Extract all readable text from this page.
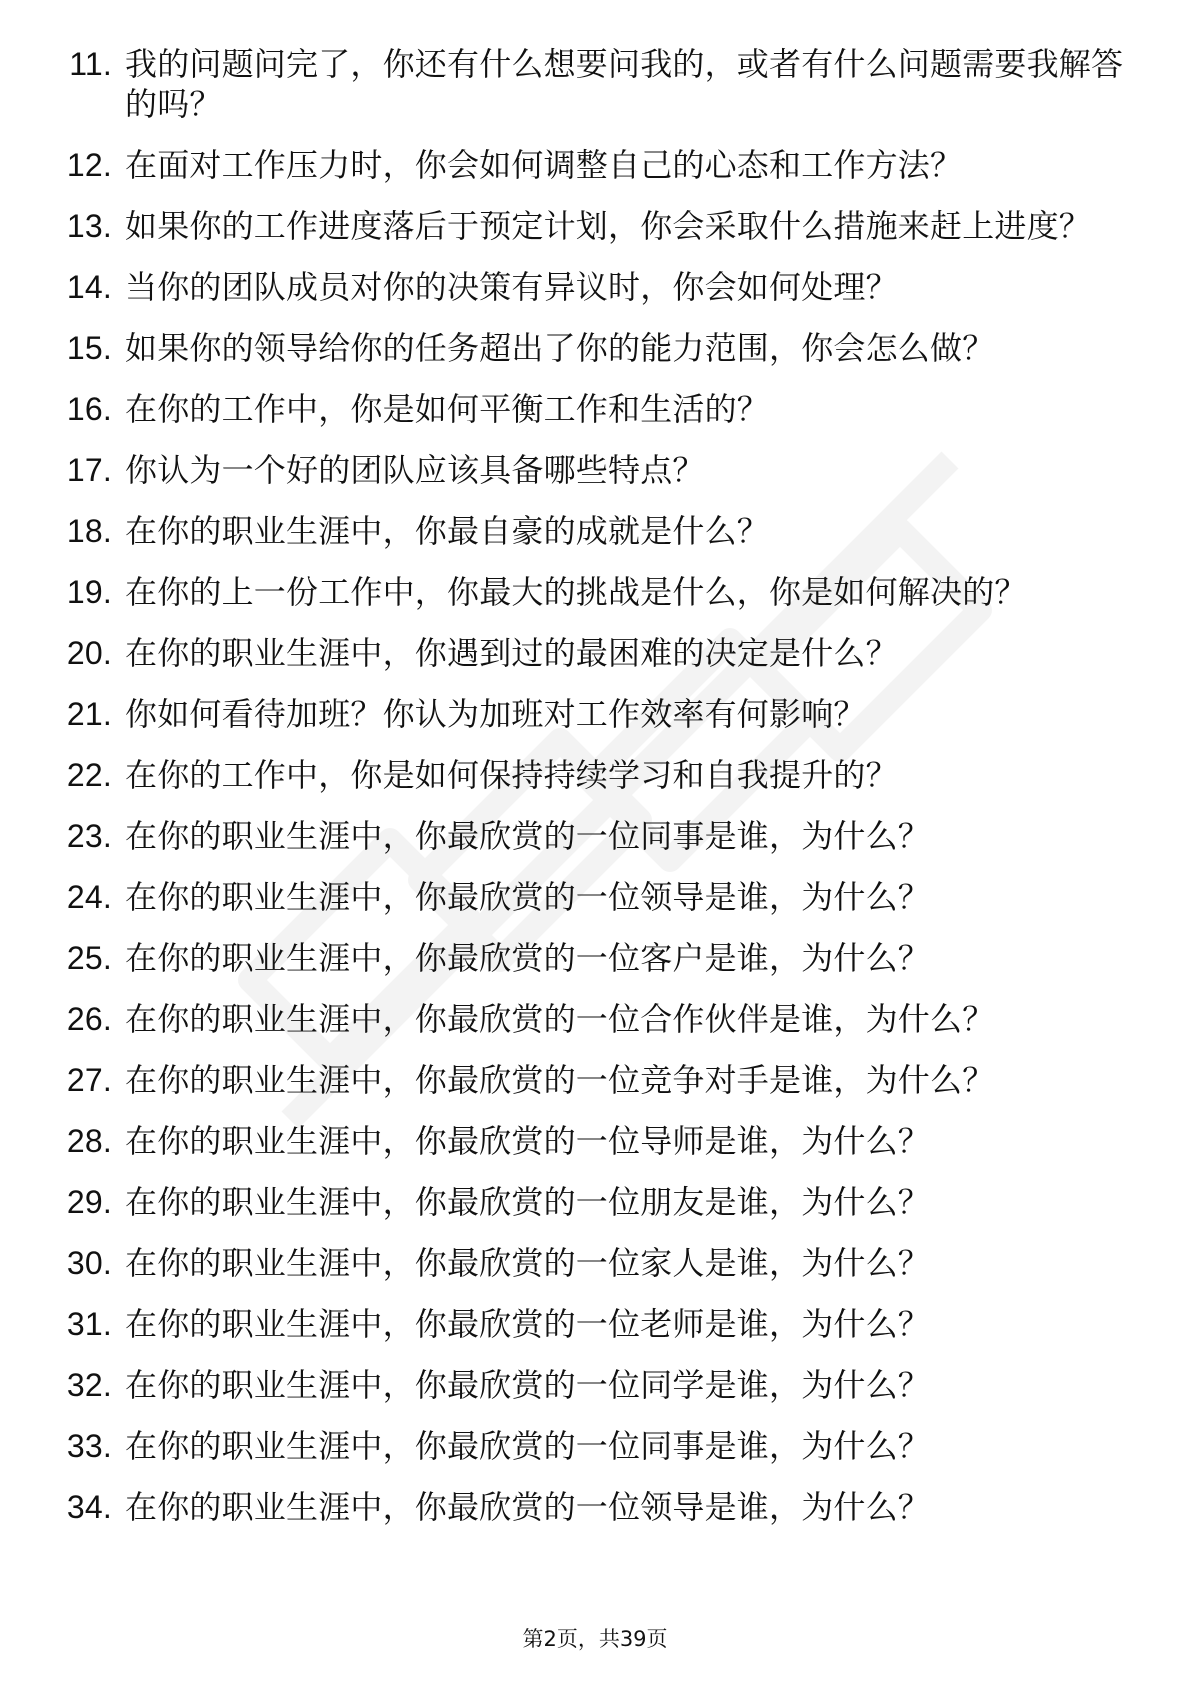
11. 我的问题问完了，你还有什么想要问我的，或者有什么问题需要我解答的吗？
12. 在面对工作压力时，你会如何调整自己的心态和工作方法？
13. 如果你的工作进度落后于预定计划，你会采取什么措施来赶上进度？
14. 当你的团队成员对你的决策有异议时，你会如何处理？
15. 如果你的领导给你的任务超出了你的能力范围，你会怎么做？
16. 在你的工作中，你是如何平衡工作和生活的？
17. 你认为一个好的团队应该具备哪些特点？
18. 在你的职业生涯中，你最自豪的成就是什么？
19. 在你的上一份工作中，你最大的挑战是什么，你是如何解决的？
20. 在你的职业生涯中，你遇到过的最困难的决定是什么？
21. 你如何看待加班？你认为加班对工作效率有何影响？
22. 在你的工作中，你是如何保持持续学习和自我提升的？
23. 在你的职业生涯中，你最欣赏的一位同事是谁，为什么？
24. 在你的职业生涯中，你最欣赏的一位领导是谁，为什么？
25. 在你的职业生涯中，你最欣赏的一位客户是谁，为什么？
26. 在你的职业生涯中，你最欣赏的一位合作伙伴是谁，为什么？
27. 在你的职业生涯中，你最欣赏的一位竞争对手是谁，为什么？
28. 在你的职业生涯中，你最欣赏的一位导师是谁，为什么？
29. 在你的职业生涯中，你最欣赏的一位朋友是谁，为什么？
30. 在你的职业生涯中，你最欣赏的一位家人是谁，为什么？
31. 在你的职业生涯中，你最欣赏的一位老师是谁，为什么？
32. 在你的职业生涯中，你最欣赏的一位同学是谁，为什么？
33. 在你的职业生涯中，你最欣赏的一位同事是谁，为什么？
34. 在你的职业生涯中，你最欣赏的一位领导是谁，为什么？
第2页，共39页
